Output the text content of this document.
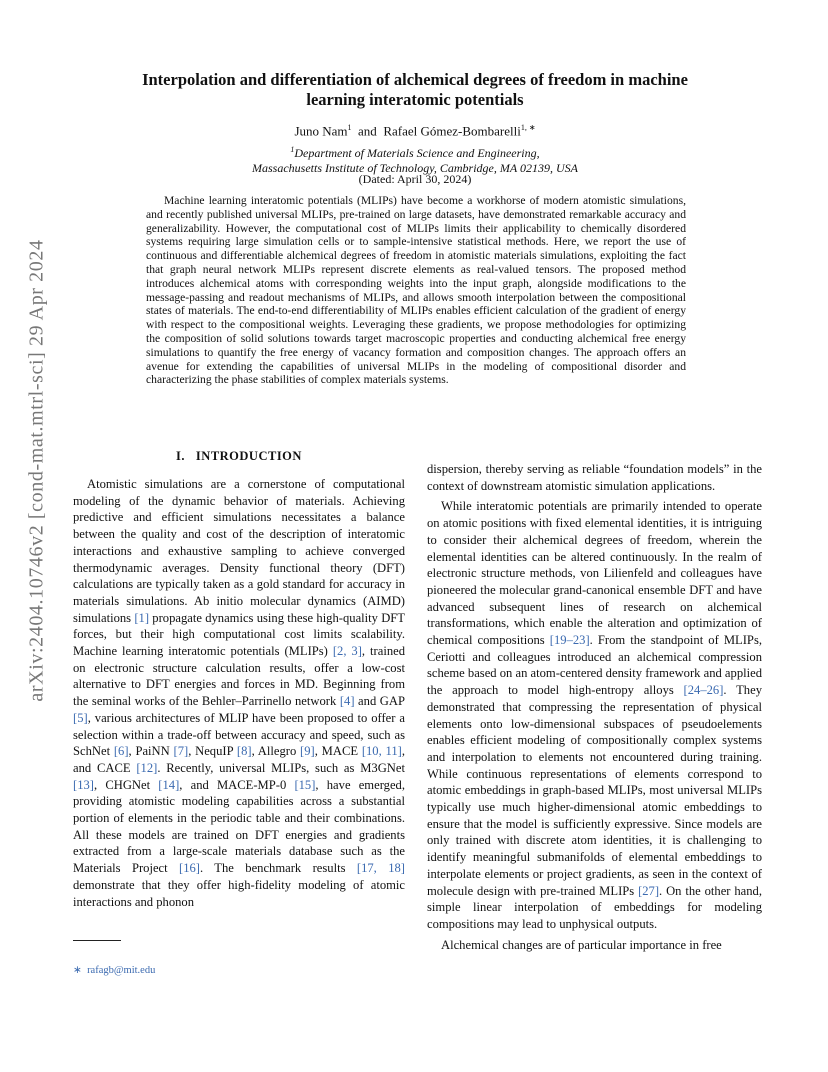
arXiv:2404.10746v2 [cond-mat.mtrl-sci] 29 Apr 2024
Interpolation and differentiation of alchemical degrees of freedom in machine learning interatomic potentials
Juno Nam$^1$ and Rafael Gómez-Bombarelli$^{1, ∗}$
$^1$Department of Materials Science and Engineering,
Massachusetts Institute of Technology, Cambridge, MA 02139, USA
(Dated: April 30, 2024)
Machine learning interatomic potentials (MLIPs) have become a workhorse of modern atomistic simulations, and recently published universal MLIPs, pre-trained on large datasets, have demonstrated remarkable accuracy and generalizability. However, the computational cost of MLIPs limits their applicability to chemically disordered systems requiring large simulation cells or to sample-intensive statistical methods. Here, we report the use of continuous and differentiable alchemical degrees of freedom in atomistic materials simulations, exploiting the fact that graph neural network MLIPs represent discrete elements as real-valued tensors. The proposed method introduces alchemical atoms with corresponding weights into the input graph, alongside modifications to the message-passing and readout mechanisms of MLIPs, and allows smooth interpolation between the compositional states of materials. The end-to-end differentiability of MLIPs enables efficient calculation of the gradient of energy with respect to the compositional weights. Leveraging these gradients, we propose methodologies for optimizing the composition of solid solutions towards target macroscopic properties and conducting alchemical free energy simulations to quantify the free energy of vacancy formation and composition changes. The approach offers an avenue for extending the capabilities of universal MLIPs in the modeling of compositional disorder and characterizing the phase stabilities of complex materials systems.
I. INTRODUCTION

Atomistic simulations are a cornerstone of computational modeling of the dynamic behavior of materials. Achieving predictive and efficient simulations necessitates a balance between the quality and cost of the description of interatomic interactions and exhaustive sampling to achieve converged thermodynamic averages. Density functional theory (DFT) calculations are typically taken as a gold standard for accuracy in materials simulations. Ab initio molecular dynamics (AIMD) simulations [1] propagate dynamics using these high-quality DFT forces, but their high computational cost limits scalability. Machine learning interatomic potentials (MLIPs) [2, 3], trained on electronic structure calculation results, offer a low-cost alternative to DFT energies and forces in MD. Beginning from the seminal works of the Behler–Parrinello network [4] and GAP [5], various architectures of MLIP have been proposed to offer a selection within a trade-off between accuracy and speed, such as SchNet [6], PaiNN [7], NequIP [8], Allegro [9], MACE [10, 11], and CACE [12]. Recently, universal MLIPs, such as M3GNet [13], CHGNet [14], and MACE-MP-0 [15], have emerged, providing atomistic modeling capabilities across a substantial portion of elements in the periodic table and their combinations. All these models are trained on DFT energies and gradients extracted from a large-scale materials database such as the Materials Project [16]. The benchmark results [17, 18] demonstrate that they offer high-fidelity modeling of atomic interactions and phonon

dispersion, thereby serving as reliable “foundation models” in the context of downstream atomistic simulation applications.

While interatomic potentials are primarily intended to operate on atomic positions with fixed elemental identities, it is intriguing to consider their alchemical degrees of freedom, wherein the elemental identities can be altered continuously. In the realm of electronic structure methods, von Lilienfeld and colleagues have pioneered the molecular grand-canonical ensemble DFT and have advanced subsequent lines of research on alchemical transformations, which enable the alteration and optimization of chemical compositions [19–23]. From the standpoint of MLIPs, Ceriotti and colleagues introduced an alchemical compression scheme based on an atom-centered density framework and applied the approach to model high-entropy alloys [24–26]. They demonstrated that compressing the representation of physical elements onto low-dimensional subspaces of pseudoelements enables efficient modeling of compositionally complex systems and interpolation to elements not encountered during training. While continuous representations of elements correspond to atomic embeddings in graph-based MLIPs, most universal MLIPs typically use much higher-dimensional atomic embeddings to ensure that the model is sufficiently expressive. Since models are only trained with discrete atom identities, it is challenging to identify meaningful submanifolds of elemental embeddings to interpolate elements or project gradients, as seen in the context of molecule design with pre-trained MLIPs [27]. On the other hand, simple linear interpolation of embeddings for modeling compositions may lead to unphysical outputs.

Alchemical changes are of particular importance in free

∗ rafagb@mit.edu
